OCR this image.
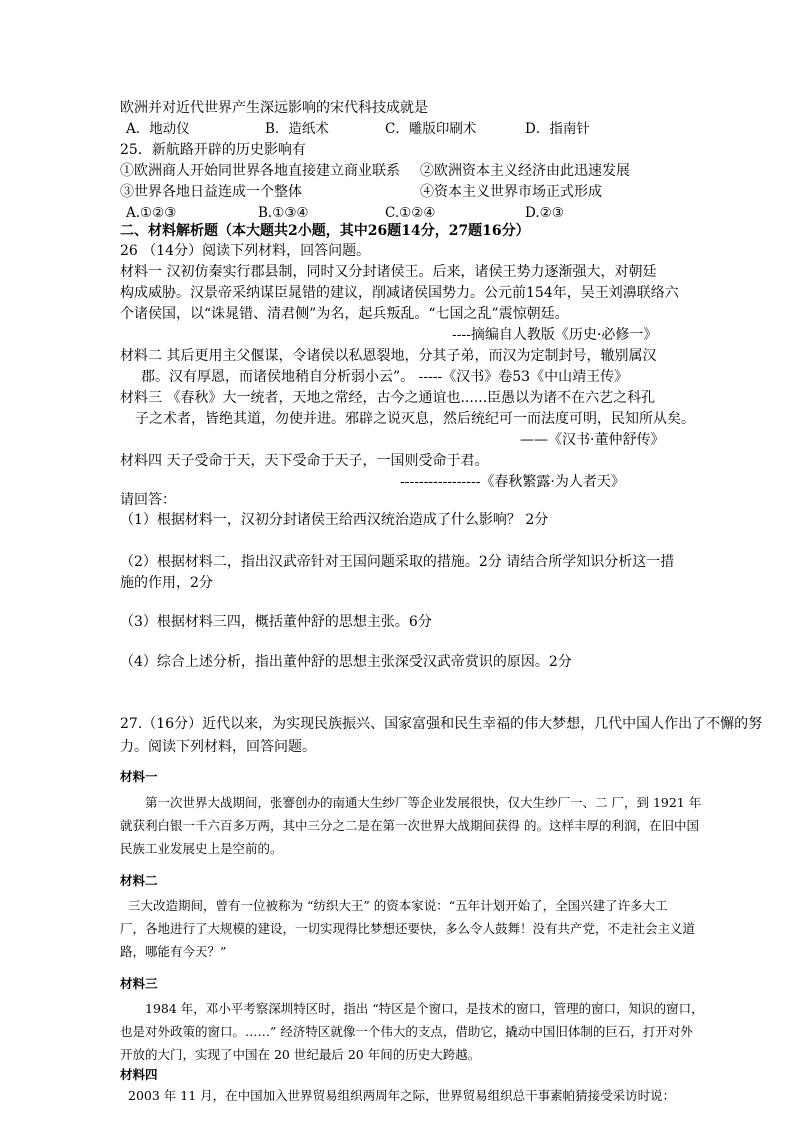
欧洲并对近代世界产生深远影响的宋代科技成就是
A．地动仪	B．造纸术	C．雕版印刷术	D．指南针
25．新航路开辟的历史影响有
①欧洲商人开始同世界各地直接建立商业联系 ②欧洲资本主义经济由此迅速发展
③世界各地日益连成一个整体	④资本主义世界市场正式形成
A.①②③	B.①③④	C.①②④	D.②③
二、材料解析题（本大题共2小题，其中26题14分，27题16分）
26 （14分）阅读下列材料，回答问题。
材料一 汉初仿秦实行郡县制，同时又分封诸侯王。后来，诸侯王势力逐渐强大，对朝廷
构成威胁。汉景帝采纳谋臣晁错的建议，削减诸侯国势力。公元前154年，吴王刘濞联络六
个诸侯国，以“诛晁错、清君侧”为名，起兵叛乱。“七国之乱”震惊朝廷。
----摘编自人教版《历史·必修一》
材料二 其后更用主父偃谋，令诸侯以私恩裂地，分其子弟，而汉为定制封号，辙别属汉
郡。汉有厚恩，而诸侯地稍自分析弱小云”。 -----《汉书》卷53《中山靖王传》
材料三 《春秋》大一统者，天地之常经，古今之通谊也......臣愚以为诸不在六艺之科孔
子之术者，皆绝其道，勿使并进。邪辟之说灭息，然后统纪可一而法度可明，民知所从矣。
——《汉书·董仲舒传》
材料四 天子受命于天，天下受命于天子，一国则受命于君。
-----------------《春秋繁露·为人者天》
请回答：
（1）根据材料一，汉初分封诸侯王给西汉统治造成了什么影响？ 2分
（2）根据材料二，指出汉武帝针对王国问题采取的措施。2分 请结合所学知识分析这一措
施的作用，2分
（3）根据材料三四，概括董仲舒的思想主张。6分
（4）综合上述分析，指出董仲舒的思想主张深受汉武帝赏识的原因。2分
27.（16分）近代以来，为实现民族振兴、国家富强和民生幸福的伟大梦想，几代中国人作出了不懈的努
力。阅读下列材料，回答问题。
材料一
第一次世界大战期间，张謇创办的南通大生纱厂等企业发展很快，仅大生纱厂一、二 厂，到 1921 年
就获利白银一千六百多万两，其中三分之二是在第一次世界大战期间获得 的。这样丰厚的利润，在旧中国
民族工业发展史上是空前的。
材料二
三大改造期间，曾有一位被称为 “纺织大王” 的资本家说：“五年计划开始了，全国兴建了许多大工
厂，各地进行了大规模的建设，一切实现得比梦想还要快，多么令人鼓舞！没有共产党，不走社会主义道
路，哪能有今天？”
材料三
1984 年，邓小平考察深圳特区时，指出 “特区是个窗口，是技术的窗口，管理的窗口，知识的窗口，
也是对外政策的窗口。……” 经济特区就像一个伟大的支点，借助它，撬动中国旧体制的巨石，打开对外
开放的大门，实现了中国在 20 世纪最后 20 年间的历史大跨越。
材料四
2003 年 11 月，在中国加入世界贸易组织两周年之际，世界贸易组织总干事素帕猜接受采访时说：
